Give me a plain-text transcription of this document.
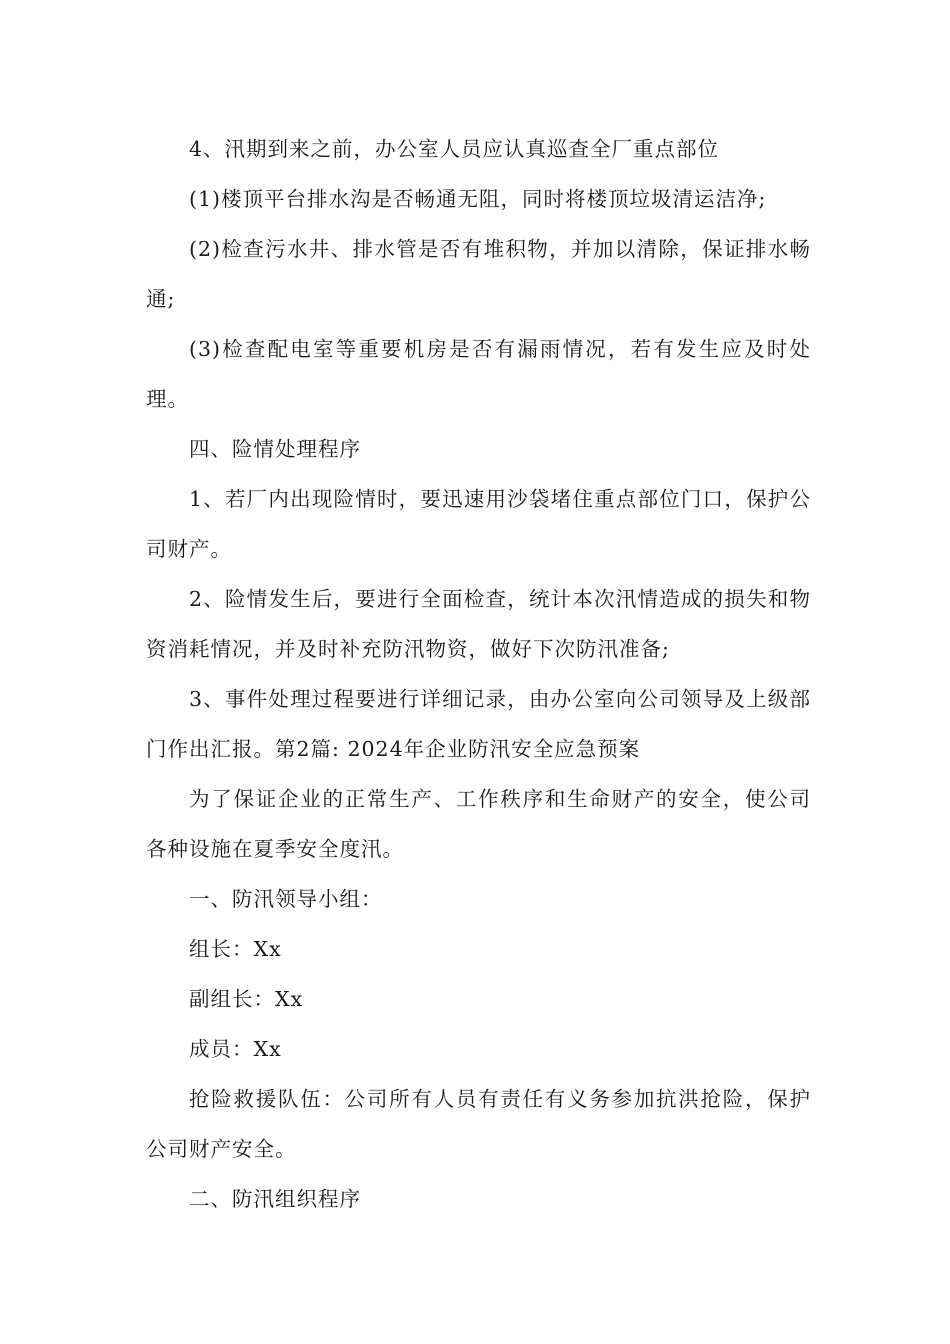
4、汛期到来之前，办公室人员应认真巡查全厂重点部位

(1)楼顶平台排水沟是否畅通无阻，同时将楼顶垃圾清运洁净;

(2)检查污水井、排水管是否有堆积物，并加以清除，保证排水畅通;

(3)检查配电室等重要机房是否有漏雨情况，若有发生应及时处理。

四、险情处理程序

1、若厂内出现险情时，要迅速用沙袋堵住重点部位门口，保护公司财产。

2、险情发生后，要进行全面检查，统计本次汛情造成的损失和物资消耗情况，并及时补充防汛物资，做好下次防汛准备;

3、事件处理过程要进行详细记录，由办公室向公司领导及上级部门作出汇报。第2篇: 2024年企业防汛安全应急预案

为了保证企业的正常生产、工作秩序和生命财产的安全，使公司各种设施在夏季安全度汛。

一、防汛领导小组：

组长：Xx

副组长：Xx

成员：Xx

抢险救援队伍：公司所有人员有责任有义务参加抗洪抢险，保护公司财产安全。

二、防汛组织程序
